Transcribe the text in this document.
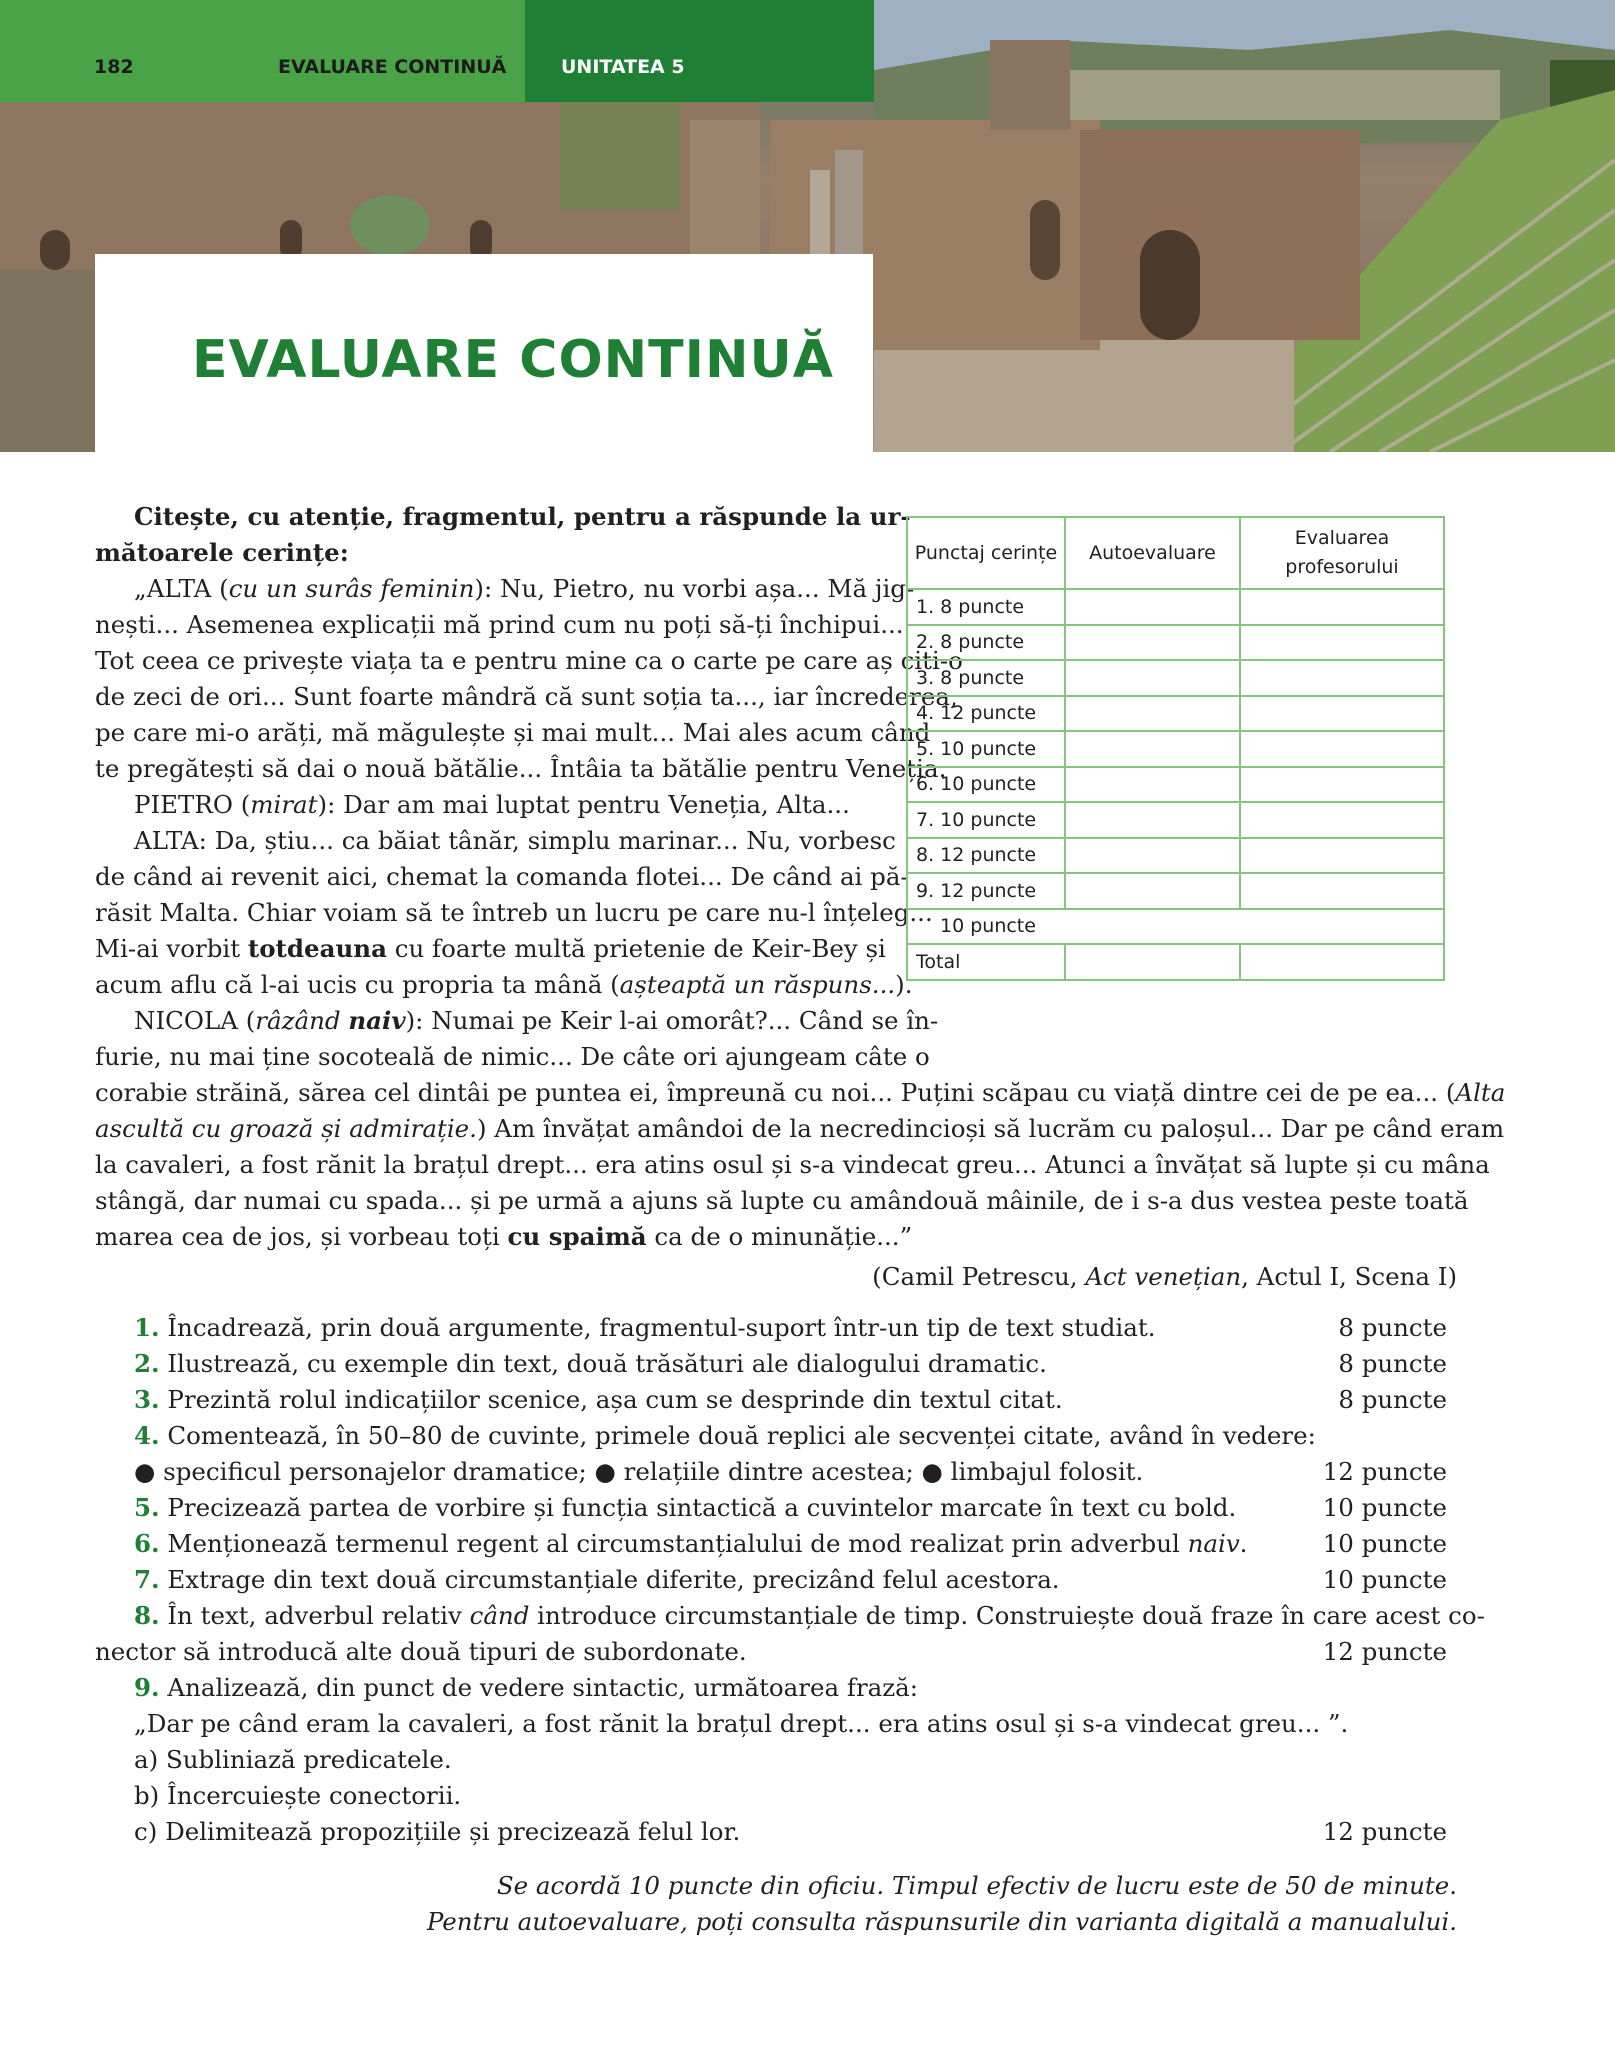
182	EVALUARE CONTINUĂ	UNITATEA 5
EVALUARE CONTINUĂ
Citește, cu atenție, fragmentul, pentru a răspunde la ur-
mătoarele cerințe:
„ALTA (cu un surâs feminin): Nu, Pietro, nu vorbi așa... Mă jig-
nești... Asemenea explicații mă prind cum nu poți să-ți închipui...
Tot ceea ce privește viața ta e pentru mine ca o carte pe care aș citi-o
de zeci de ori... Sunt foarte mândră că sunt soția ta..., iar încrederea,
pe care mi-o arăți, mă măgulește și mai mult... Mai ales acum când
te pregătești să dai o nouă bătălie... Întâia ta bătălie pentru Veneția.
PIETRO (mirat): Dar am mai luptat pentru Veneția, Alta...
ALTA: Da, știu... ca băiat tânăr, simplu marinar... Nu, vorbesc
de când ai revenit aici, chemat la comanda flotei... De când ai pă-
răsit Malta. Chiar voiam să te întreb un lucru pe care nu-l înțeleg...
Mi-ai vorbit totdeauna cu foarte multă prietenie de Keir-Bey și
acum aflu că l-ai ucis cu propria ta mână (așteaptă un răspuns...).
NICOLA (râzând naiv): Numai pe Keir l-ai omorât?... Când se în-
furie, nu mai ține socoteală de nimic... De câte ori ajungeam câte o
corabie străină, sărea cel dintâi pe puntea ei, împreună cu noi... Puțini scăpau cu viață dintre cei de pe ea... (Alta
ascultă cu groază și admirație.) Am învățat amândoi de la necredincioși să lucrăm cu paloșul... Dar pe când eram
la cavaleri, a fost rănit la brațul drept... era atins osul și s-a vindecat greu... Atunci a învățat să lupte și cu mâna
stângă, dar numai cu spada... și pe urmă a ajuns să lupte cu amândouă mâinile, de i s-a dus vestea peste toată
marea cea de jos, și vorbeau toți cu spaimă ca de o minunăție...”
(Camil Petrescu, Act venețian, Actul I, Scena I)
Punctaj cerințe	Autoevaluare	Evaluarea profesorului
1. 8 puncte		
2. 8 puncte		
3. 8 puncte		
4. 12 puncte		
5. 10 puncte		
6. 10 puncte		
7. 10 puncte		
8. 12 puncte		
9. 12 puncte		
10 puncte		
Total		
1. Încadrează, prin două argumente, fragmentul-suport într-un tip de text studiat.	8 puncte
2. Ilustrează, cu exemple din text, două trăsături ale dialogului dramatic.	8 puncte
3. Prezintă rolul indicațiilor scenice, așa cum se desprinde din textul citat.	8 puncte
4. Comentează, în 50–80 de cuvinte, primele două replici ale secvenței citate, având în vedere:
● specificul personajelor dramatice; ● relațiile dintre acestea; ● limbajul folosit.	12 puncte
5. Precizează partea de vorbire și funcția sintactică a cuvintelor marcate în text cu bold.	10 puncte
6. Menționează termenul regent al circumstanțialului de mod realizat prin adverbul naiv.	10 puncte
7. Extrage din text două circumstanțiale diferite, precizând felul acestora.	10 puncte
8. În text, adverbul relativ când introduce circumstanțiale de timp. Construiește două fraze în care acest co-
nector să introducă alte două tipuri de subordonate.	12 puncte
9. Analizează, din punct de vedere sintactic, următoarea frază:
„Dar pe când eram la cavaleri, a fost rănit la brațul drept... era atins osul și s-a vindecat greu... ”.
a) Subliniază predicatele.
b) Încercuiește conectorii.
c) Delimitează propozițiile și precizează felul lor.	12 puncte
Se acordă 10 puncte din oficiu. Timpul efectiv de lucru este de 50 de minute.
Pentru autoevaluare, poți consulta răspunsurile din varianta digitală a manualului.
